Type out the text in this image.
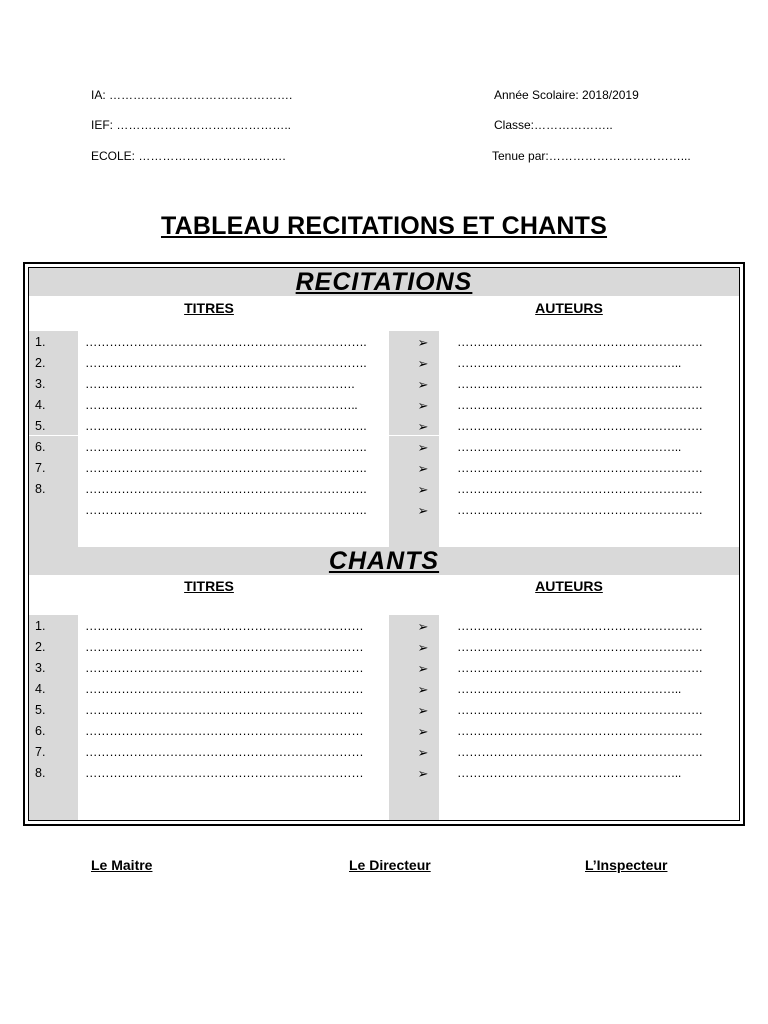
IA: ……………………………………….
IEF: ……………………………………..
ECOLE: ……………………………….
Année Scolaire: 2018/2019
Classe:………………..
Tenue par:……………………………...
TABLEAU RECITATIONS ET CHANTS
RECITATIONS
TITRES	AUTEURS
1.	…………………………………………………………….	➢	…………………………………………………….
2.	…………………………………………………………….	➢	………………………………………………..
3.	………………………………………………………….	➢	…………………………………………………….
4.	…………………………………………………………..	➢	…………………………………………………….
5.	…………………………………………………………….	➢	…………………………………………………….
6.	…………………………………………………………….	➢	………………………………………………..
7.	…………………………………………………………….	➢	…………………………………………………….
8.	…………………………………………………………….	➢	…………………………………………………….
…………………………………………………………….	➢	…………………………………………………….
CHANTS
TITRES	AUTEURS
1.	……………………………………………………………	➢	…………………………………………………….
2.	……………………………………………………………	➢	…………………………………………………….
3.	……………………………………………………………	➢	…………………………………………………….
4.	……………………………………………………………	➢	………………………………………………..
5.	……………………………………………………………	➢	…………………………………………………….
6.	……………………………………………………………	➢	…………………………………………………….
7.	……………………………………………………………	➢	…………………………………………………….
8.	……………………………………………………………	➢	………………………………………………..
Le Maitre	Le Directeur	L’Inspecteur
